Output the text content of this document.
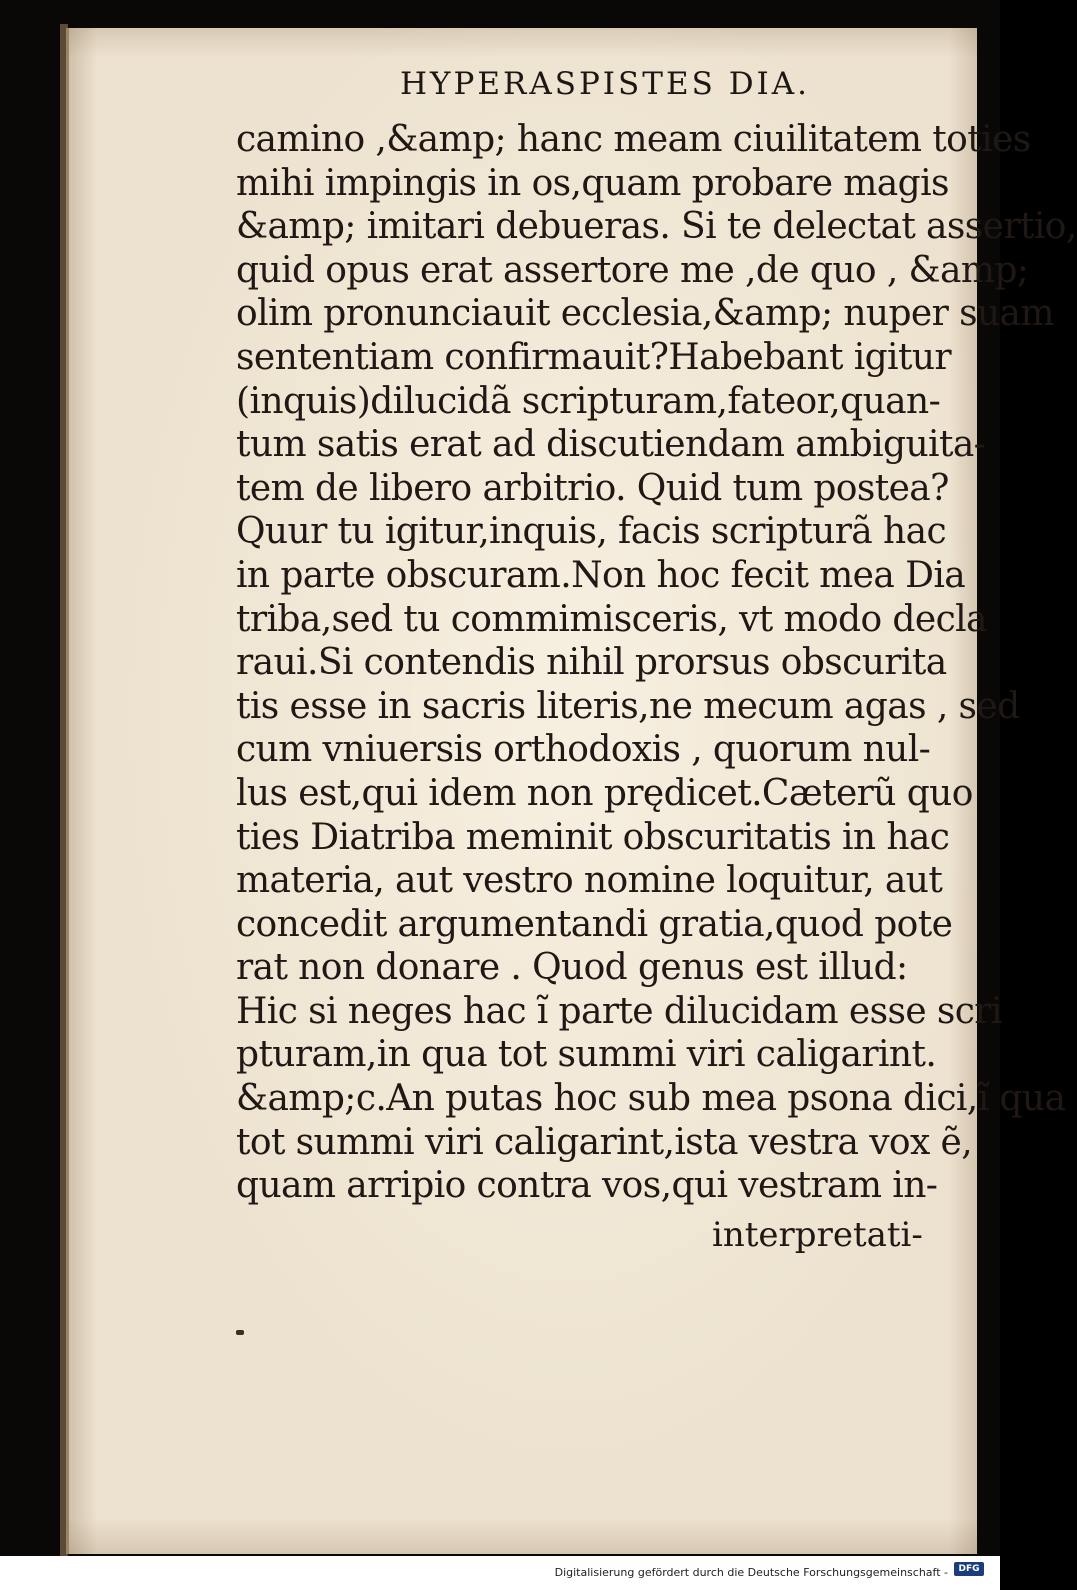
HYPERASPISTES DIA.
camino ,&amp; hanc meam ciuilitatem toties
mihi impingis in os,quam probare magis
&amp; imitari debueras. Si te delectat assertio,
quid opus erat assertore me ,de quo , &amp;
olim pronunciauit ecclesia,&amp; nuper suam
sententiam confirmauit?Habebant igitur
(inquis)dilucidã scripturam,fateor,quan-
tum satis erat ad discutiendam ambiguita-
tem de libero arbitrio. Quid tum postea?
Quur tu igitur,inquis, facis scripturã hac
in parte obscuram.Non hoc fecit mea Dia
triba,sed tu commimisceris, vt modo decla
raui.Si contendis nihil prorsus obscurita
tis esse in sacris literis,ne mecum agas , sed
cum vniuersis orthodoxis , quorum nul-
lus est,qui idem non prędicet.Cæterũ quo
ties Diatriba meminit obscuritatis in hac
materia, aut vestro nomine loquitur, aut
concedit argumentandi gratia,quod pote
rat non donare . Quod genus est illud:
Hic si neges hac ĩ parte dilucidam esse scri
pturam,in qua tot summi viri caligarint.
&amp;c.An putas hoc sub mea psona dici,ĩ qua
tot summi viri caligarint,ista vestra vox ẽ,
quam arripio contra vos,qui vestram in-
interpretati-
Digitalisierung gefördert durch die Deutsche Forschungsgemeinschaft -	DFG
